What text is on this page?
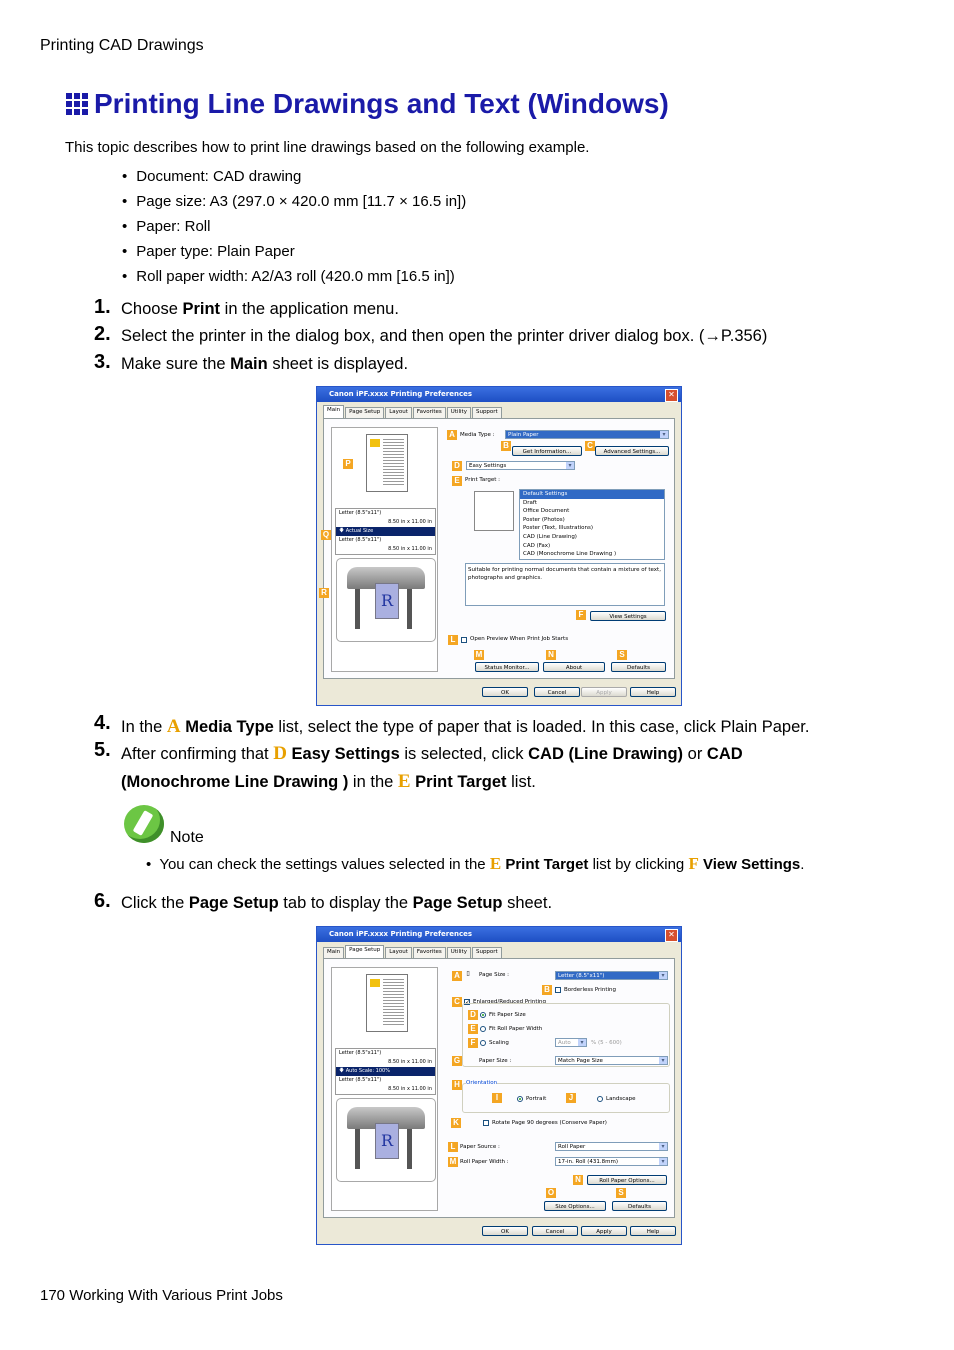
Printing CAD Drawings
Printing Line Drawings and Text (Windows)
This topic describes how to print line drawings based on the following example.
• Document: CAD drawing
• Page size: A3 (297.0 × 420.0 mm [11.7 × 16.5 in])
• Paper: Roll
• Paper type: Plain Paper
• Roll paper width: A2/A3 roll (420.0 mm [16.5 in])
1. Choose Print in the application menu.
2. Select the printer in the dialog box, and then open the printer driver dialog box. (→P.356)
3. Make sure the Main sheet is displayed.
Canon iPF.xxxx Printing Preferences	✕
Main	Page Setup	Layout	Favorites	Utility	Support
Letter (8.5"x11")
8.50 in x 11.00 in
🡇 Actual Size
Letter (8.5"x11")
8.50 in x 11.00 in
R
P
Q
R
A Media Type :	Plain Paper ▾
B
Get Information...
C
Advanced Settings...
D	Easy Settings ▾
E Print Target :
Default Settings
Draft
Office Document
Poster (Photos)
Poster (Text, Illustrations)
CAD (Line Drawing)
CAD (Fax)
CAD (Monochrome Line Drawing )
Suitable for printing normal documents that contain a mixture of text, photographs and graphics.
F	View Settings
L	Open Preview When Print Job Starts
M	N	S
Status Monitor...	About	Defaults
OK	Cancel	Apply	Help
4. In the A Media Type list, select the type of paper that is loaded. In this case, click Plain Paper.
5. After confirming that D Easy Settings is selected, click CAD (Line Drawing) or CAD
(Monochrome Line Drawing ) in the E Print Target list.
Note
•  You can check the settings values selected in the E Print Target list by clicking F View Settings.
6. Click the Page Setup tab to display the Page Setup sheet.
Canon iPF.xxxx Printing Preferences	✕
Main	Page Setup	Layout	Favorites	Utility	Support
Letter (8.5"x11")
8.50 in x 11.00 in
🡇 Auto Scale: 100%
Letter (8.5"x11")
8.50 in x 11.00 in
R
A	▯ Page Size :	Letter (8.5"x11") ▾
B	Borderless Printing
C ✓ Enlarged/Reduced Printing
D	Fit Paper Size
E	Fit Roll Paper Width
F	Scaling	Auto ▾	% (5 - 600)
G	Paper Size :	Match Page Size ▾
H	Orientation
I	Portrait	J	Landscape
K	Rotate Page 90 degrees (Conserve Paper)
L Paper Source :	Roll Paper ▾
M Roll Paper Width :	17-in. Roll (431.8mm) ▾
N	Roll Paper Options...
O	S
Size Options...	Defaults
OK	Cancel	Apply	Help
170 Working With Various Print Jobs
